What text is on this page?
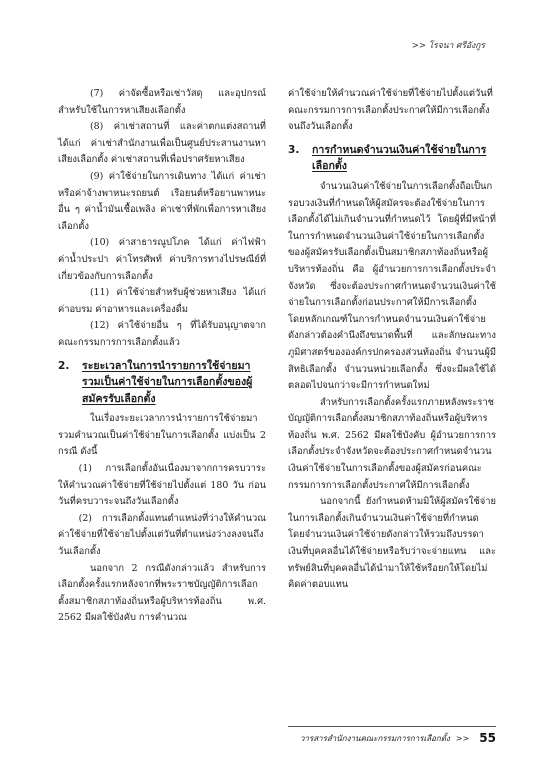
>> โรจนา ศรีอังกูร

(7) ค่าจัดซื้อหรือเช่าวัสดุ และอุปกรณ์สำหรับใช้ในการหาเสียงเลือกตั้ง

(8) ค่าเช่าสถานที่ และค่าตกแต่งสถานที่ ได้แก่ ค่าเช่าสำนักงานเพื่อเป็นศูนย์ประสานงานหาเสียงเลือกตั้ง ค่าเช่าสถานที่เพื่อปราศรัยหาเสียง

(9) ค่าใช้จ่ายในการเดินทาง ได้แก่ ค่าเช่าหรือค่าจ้างพาหนะรถยนต์ เรือยนต์หรือยานพาหนะอื่น ๆ ค่าน้ำมันเชื้อเพลิง ค่าเช่าที่พักเพื่อการหาเสียงเลือกตั้ง

(10) ค่าสาธารณูปโภค ได้แก่ ค่าไฟฟ้า ค่าน้ำประปา ค่าโทรศัพท์ ค่าบริการทางไปรษณีย์ที่เกี่ยวข้องกับการเลือกตั้ง

(11) ค่าใช้จ่ายสำหรับผู้ช่วยหาเสียง ได้แก่ ค่าอบรม ค่าอาหารและเครื่องดื่ม

(12) ค่าใช้จ่ายอื่น ๆ ที่ได้รับอนุญาตจากคณะกรรมการการเลือกตั้งแล้ว

2.	ระยะเวลาในการนำรายการใช้จ่ายมารวมเป็นค่าใช้จ่ายในการเลือกตั้งของผู้สมัครรับเลือกตั้ง

ในเรื่องระยะเวลาการนำรายการใช้จ่ายมารวมคำนวณเป็นค่าใช้จ่ายในการเลือกตั้ง แบ่งเป็น 2 กรณี ดังนี้

(1) การเลือกตั้งอันเนื่องมาจากการครบวาระให้คำนวณค่าใช้จ่ายที่ใช้จ่ายไปตั้งแต่ 180 วัน ก่อนวันที่ครบวาระจนถึงวันเลือกตั้ง

(2) การเลือกตั้งแทนตำแหน่งที่ว่างให้คำนวณค่าใช้จ่ายที่ใช้จ่ายไปตั้งแต่วันที่ตำแหน่งว่างลงจนถึงวันเลือกตั้ง

นอกจาก 2 กรณีดังกล่าวแล้ว สำหรับการเลือกตั้งครั้งแรกหลังจากที่พระราชบัญญัติการเลือกตั้งสมาชิกสภาท้องถิ่นหรือผู้บริหารท้องถิ่น พ.ศ. 2562 มีผลใช้บังคับ การคำนวณ

ค่าใช้จ่ายให้คำนวณค่าใช้จ่ายที่ใช้จ่ายไปตั้งแต่วันที่คณะกรรมการการเลือกตั้งประกาศให้มีการเลือกตั้งจนถึงวันเลือกตั้ง

3.	การกำหนดจำนวนเงินค่าใช้จ่ายในการเลือกตั้ง

จำนวนเงินค่าใช้จ่ายในการเลือกตั้งถือเป็นกรอบวงเงินที่กำหนดให้ผู้สมัครจะต้องใช้จ่ายในการเลือกตั้งได้ไม่เกินจำนวนที่กำหนดไว้ โดยผู้ที่มีหน้าที่ในการกำหนดจำนวนเงินค่าใช้จ่ายในการเลือกตั้งของผู้สมัครรับเลือกตั้งเป็นสมาชิกสภาท้องถิ่นหรือผู้บริหารท้องถิ่น คือ ผู้อำนวยการการเลือกตั้งประจำจังหวัด ซึ่งจะต้องประกาศกำหนดจำนวนเงินค่าใช้จ่ายในการเลือกตั้งก่อนประกาศให้มีการเลือกตั้ง โดยหลักเกณฑ์ในการกำหนดจำนวนเงินค่าใช้จ่ายดังกล่าวต้องคำนึงถึงขนาดพื้นที่ และลักษณะทางภูมิศาสตร์ขององค์กรปกครองส่วนท้องถิ่น จำนวนผู้มีสิทธิเลือกตั้ง จำนวนหน่วยเลือกตั้ง ซึ่งจะมีผลใช้ได้ตลอดไปจนกว่าจะมีการกำหนดใหม่

สำหรับการเลือกตั้งครั้งแรกภายหลังพระราชบัญญัติการเลือกตั้งสมาชิกสภาท้องถิ่นหรือผู้บริหารท้องถิ่น พ.ศ. 2562 มีผลใช้บังคับ ผู้อำนวยการการเลือกตั้งประจำจังหวัดจะต้องประกาศกำหนดจำนวนเงินค่าใช้จ่ายในการเลือกตั้งของผู้สมัครก่อนคณะกรรมการการเลือกตั้งประกาศให้มีการเลือกตั้ง

นอกจากนี้ ยังกำหนดห้ามมิให้ผู้สมัครใช้จ่ายในการเลือกตั้งเกินจำนวนเงินค่าใช้จ่ายที่กำหนด โดยจำนวนเงินค่าใช้จ่ายดังกล่าวให้รวมถึงบรรดาเงินที่บุคคลอื่นได้ใช้จ่ายหรือรับว่าจะจ่ายแทน และทรัพย์สินที่บุคคลอื่นได้นำมาให้ใช้หรือยกให้โดยไม่คิดค่าตอบแทน

วารสารสำนักงานคณะกรรมการการเลือกตั้ง >> 55
